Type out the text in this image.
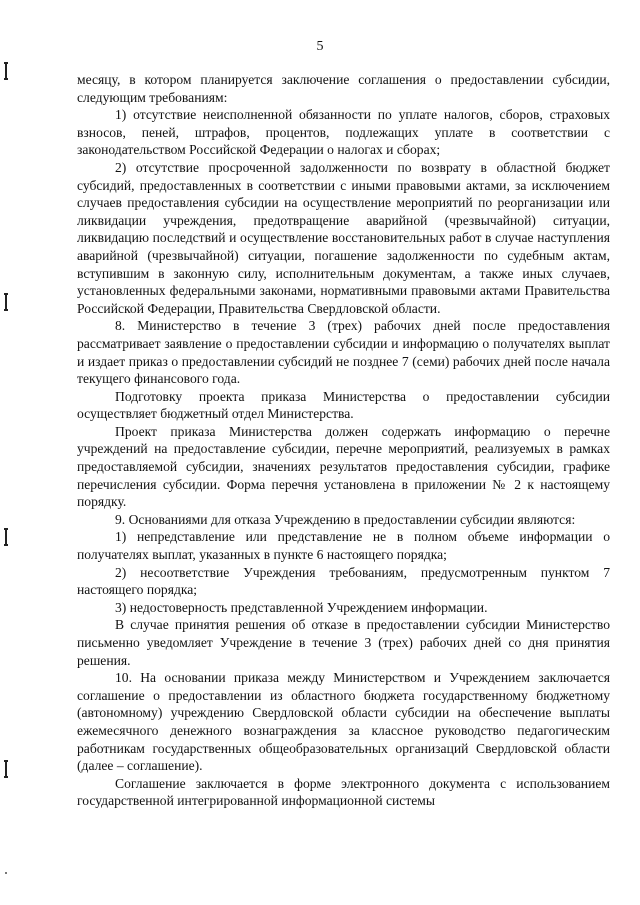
5

месяцу, в котором планируется заключение соглашения о предоставлении субсидии, следующим требованиям:

1) отсутствие неисполненной обязанности по уплате налогов, сборов, страховых взносов, пеней, штрафов, процентов, подлежащих уплате в соответствии с законодательством Российской Федерации о налогах и сборах;

2) отсутствие просроченной задолженности по возврату в областной бюджет субсидий, предоставленных в соответствии с иными правовыми актами, за исключением случаев предоставления субсидии на осуществление мероприятий по реорганизации или ликвидации учреждения, предотвращение аварийной (чрезвычайной) ситуации, ликвидацию последствий и осуществление восстановительных работ в случае наступления аварийной (чрезвычайной) ситуации, погашение задолженности по судебным актам, вступившим в законную силу, исполнительным документам, а также иных случаев, установленных федеральными законами, нормативными правовыми актами Правительства Российской Федерации, Правительства Свердловской области.

8. Министерство в течение 3 (трех) рабочих дней после предоставления рассматривает заявление о предоставлении субсидии и информацию о получателях выплат и издает приказ о предоставлении субсидий не позднее 7 (семи) рабочих дней после начала текущего финансового года.

Подготовку проекта приказа Министерства о предоставлении субсидии осуществляет бюджетный отдел Министерства.

Проект приказа Министерства должен содержать информацию о перечне учреждений на предоставление субсидии, перечне мероприятий, реализуемых в рамках предоставляемой субсидии, значениях результатов предоставления субсидии, графике перечисления субсидии. Форма перечня установлена в приложении № 2 к настоящему порядку.

9. Основаниями для отказа Учреждению в предоставлении субсидии являются:

1) непредставление или представление не в полном объеме информации о получателях выплат, указанных в пункте 6 настоящего порядка;

2) несоответствие Учреждения требованиям, предусмотренным пунктом 7 настоящего порядка;

3) недостоверность представленной Учреждением информации.

В случае принятия решения об отказе в предоставлении субсидии Министерство письменно уведомляет Учреждение в течение 3 (трех) рабочих дней со дня принятия решения.

10. На основании приказа между Министерством и Учреждением заключается соглашение о предоставлении из областного бюджета государственному бюджетному (автономному) учреждению Свердловской области субсидии на обеспечение выплаты ежемесячного денежного вознаграждения за классное руководство педагогическим работникам государственных общеобразовательных организаций Свердловской области (далее – соглашение).

Соглашение заключается в форме электронного документа с использованием государственной интегрированной информационной системы
